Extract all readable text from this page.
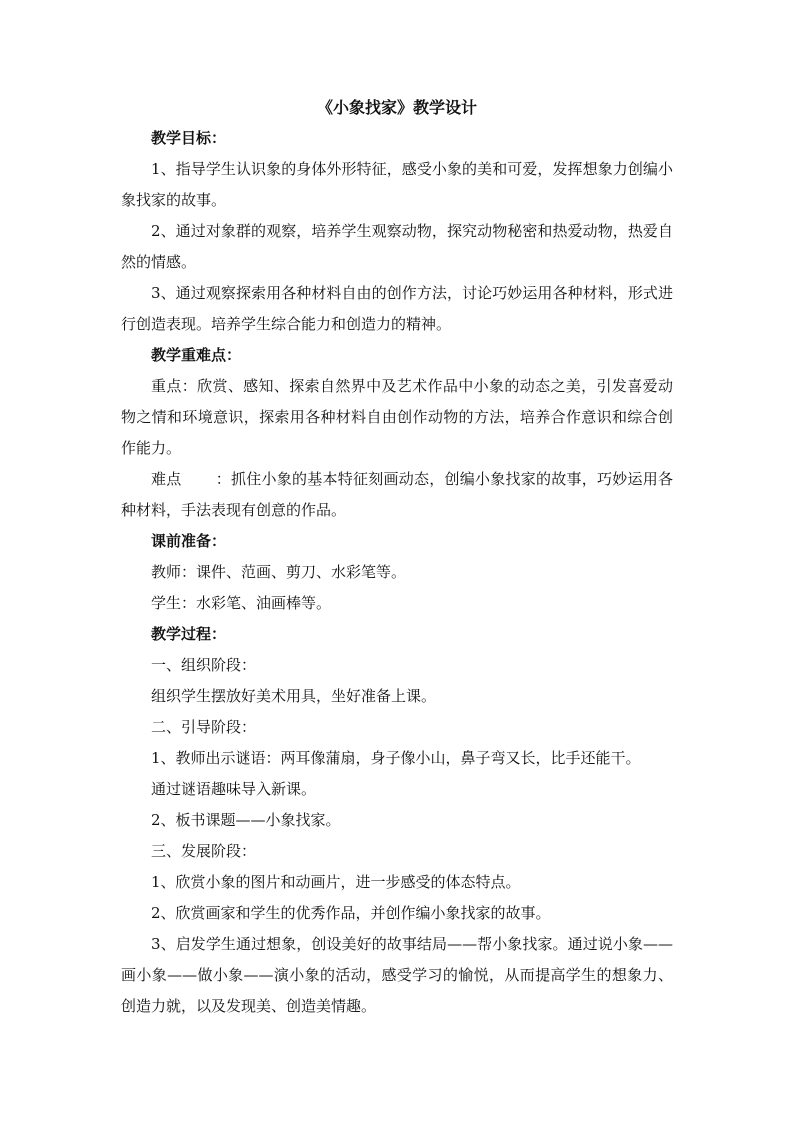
《小象找家》教学设计

教学目标：

1、指导学生认识象的身体外形特征，感受小象的美和可爱，发挥想象力创编小象找家的故事。

2、通过对象群的观察，培养学生观察动物，探究动物秘密和热爱动物，热爱自然的情感。

3、通过观察探索用各种材料自由的创作方法，讨论巧妙运用各种材料，形式进行创造表现。培养学生综合能力和创造力的精神。

教学重难点：

重点：欣赏、感知、探索自然界中及艺术作品中小象的动态之美，引发喜爱动物之情和环境意识，探索用各种材料自由创作动物的方法，培养合作意识和综合创作能力。

难点 ：抓住小象的基本特征刻画动态，创编小象找家的故事，巧妙运用各种材料，手法表现有创意的作品。

课前准备：

教师：课件、范画、剪刀、水彩笔等。

学生：水彩笔、油画棒等。

教学过程：

一、组织阶段：

组织学生摆放好美术用具，坐好准备上课。

二、引导阶段：

1、教师出示谜语：两耳像蒲扇，身子像小山，鼻子弯又长，比手还能干。

通过谜语趣味导入新课。

2、板书课题——小象找家。

三、发展阶段：

1、欣赏小象的图片和动画片，进一步感受的体态特点。

2、欣赏画家和学生的优秀作品，并创作编小象找家的故事。

3、启发学生通过想象，创设美好的故事结局——帮小象找家。通过说小象——画小象——做小象——演小象的活动，感受学习的愉悦，从而提高学生的想象力、创造力就，以及发现美、创造美情趣。
